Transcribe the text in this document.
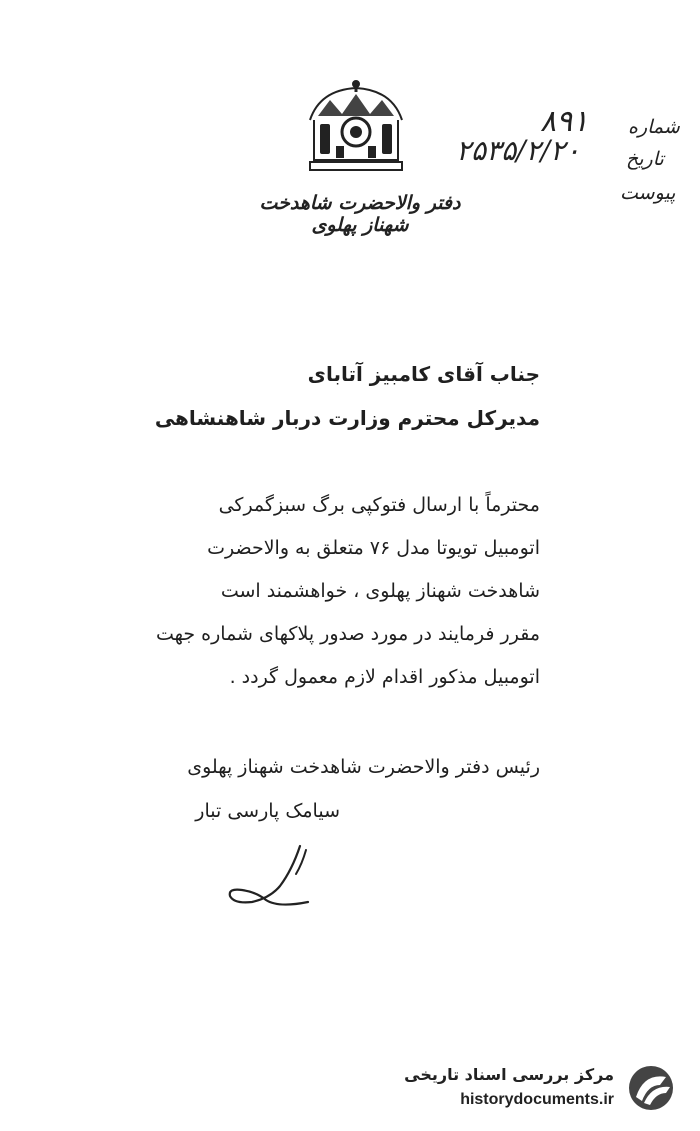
شماره
۸۹۱
تاریخ
۲۵۳۵/۲/۲۰
پیوست
دفتر والاحضرت شاهدخت شهناز پهلوی
جناب آقای کامبیز آتابای
مدیرکل محترم وزارت دربار شاهنشاهی
محترماً با ارسال فتوکپی برگ سبزگمرکی
اتومبیل تویوتا مدل ۷۶ متعلق به والاحضرت
شاهدخت شهناز پهلوی ، خواهشمند است
مقرر فرمایند در مورد صدور پلاکهای شماره جهت
اتومبیل مذکور اقدام لازم معمول گردد .
رئیس دفتر والاحضرت شاهدخت شهناز پهلوی
سیامک پارسی تبار
مرکز بررسی اسناد تاریخی
historydocuments.ir
